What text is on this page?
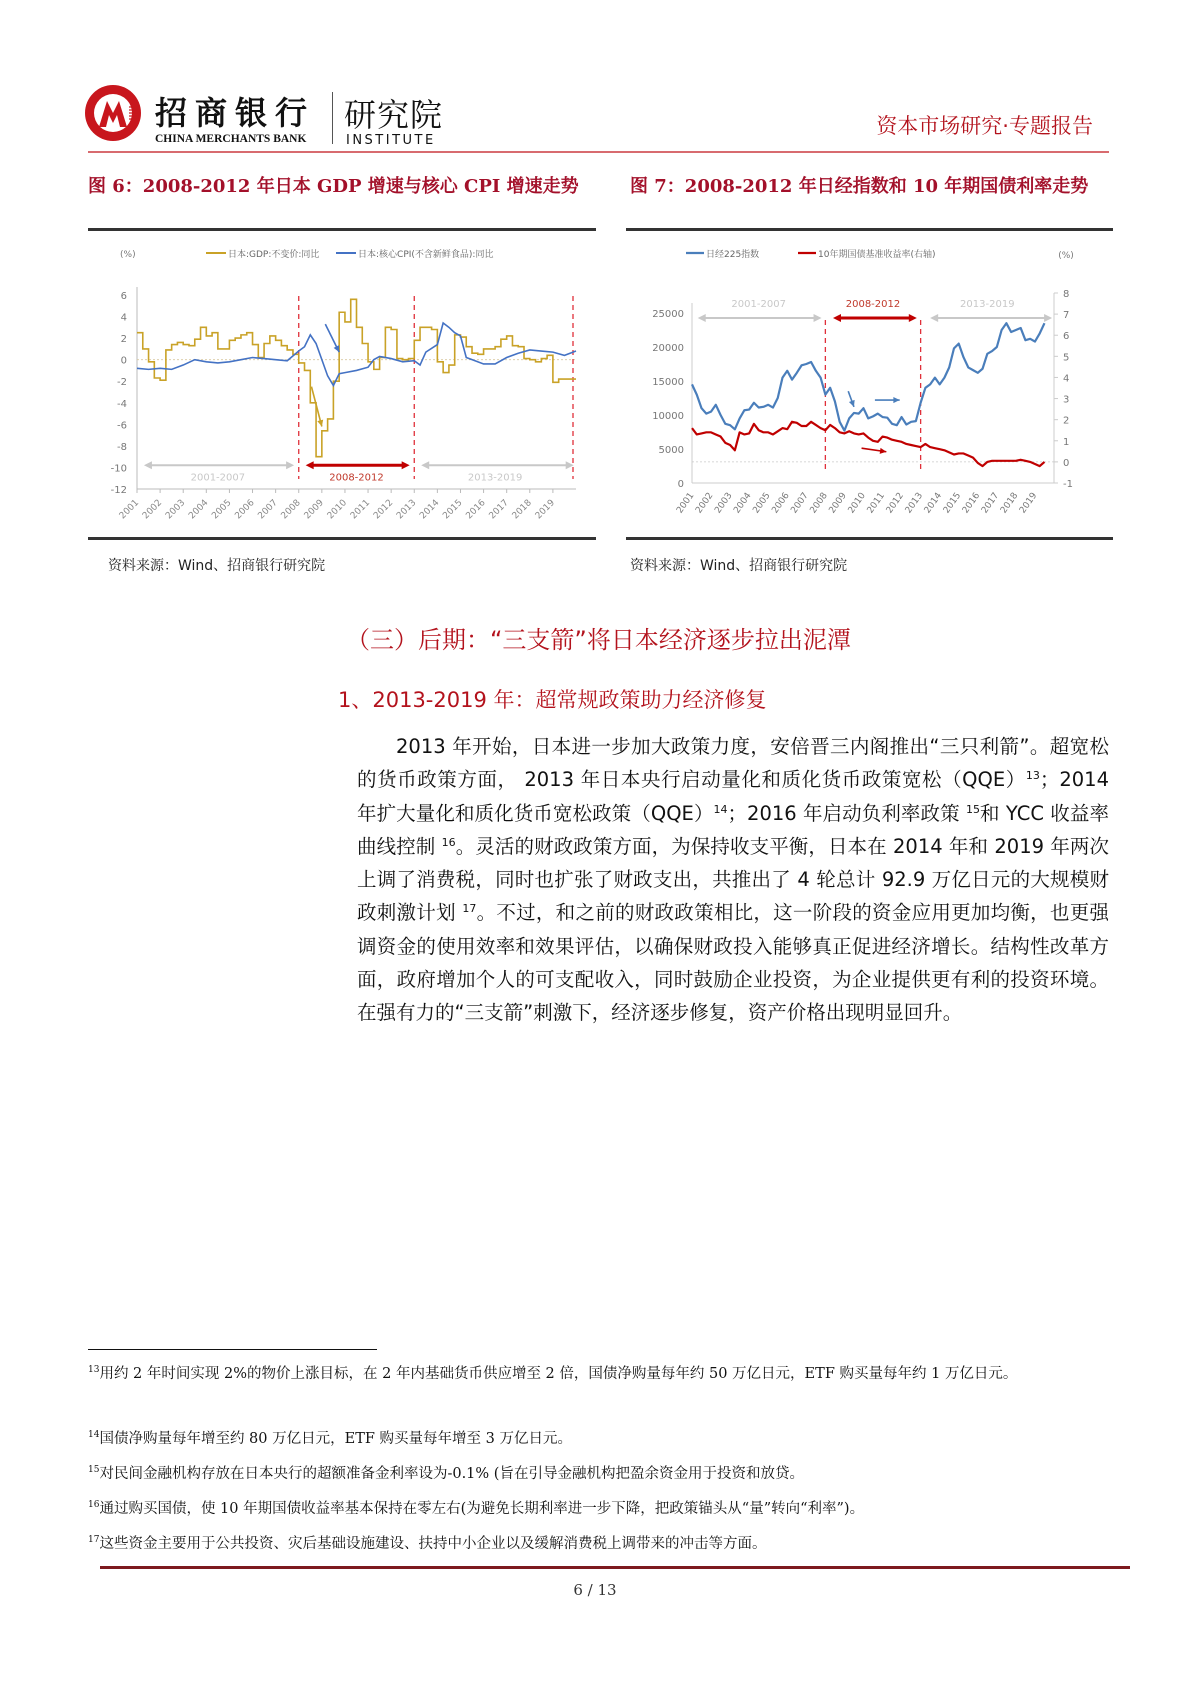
招商银行
CHINA MERCHANTS BANK
研究院
INSTITUTE
资本市场研究·专题报告
图 6：2008-2012 年日本 GDP 增速与核心 CPI 增速走势	图 7：2008-2012 年日经指数和 10 年期国债利率走势
(%)	日本:GDP:不变价:同比	日本:核心CPI(不含新鲜食品):同比
6
4
2
0
-2
-4
-6
-8
-10
-12
2001 2002 2003 2004 2005 2006 2007 2008 2009 2010 2011 2012 2013 2014 2015 2016 2017 2018 2019
2001-2007	2008-2012	2013-2019
日经225指数	10年期国债基准收益率(右轴)	(%)
25000
20000
15000
10000
5000
0
8
7
6
5
4
3
2
1
0
-1
2001
2002
2003
2004
2005
2006
2007
2008
2009
2010
2011
2012
2013
2014
2015
2016
2017
2018
2019
2001-2007	2008-2012	2013-2019
资料来源：Wind、招商银行研究院	资料来源：Wind、招商银行研究院
（三）后期：“三支箭”将日本经济逐步拉出泥潭
1、2013-2019 年：超常规政策助力经济修复
2013 年开始，日本进一步加大政策力度，安倍晋三内阁推出“三只利箭”。超宽松的货币政策方面， 2013 年日本央行启动量化和质化货币政策宽松（QQE）$^{13}$；2014 年扩大量化和质化货币宽松政策（QQE）$^{14}$；2016 年启动负利率政策 $^{15}$和 YCC 收益率曲线控制 $^{16}$。灵活的财政政策方面，为保持收支平衡，日本在 2014 年和 2019 年两次上调了消费税，同时也扩张了财政支出，共推出了 4 轮总计 92.9 万亿日元的大规模财政刺激计划 $^{17}$。不过，和之前的财政政策相比，这一阶段的资金应用更加均衡，也更强调资金的使用效率和效果评估，以确保财政投入能够真正促进经济增长。结构性改革方面，政府增加个人的可支配收入，同时鼓励企业投资，为企业提供更有利的投资环境。在强有力的“三支箭”刺激下，经济逐步修复，资产价格出现明显回升。
$^{13}$用约 2 年时间实现 2%的物价上涨目标，在 2 年内基础货币供应增至 2 倍，国债净购量每年约 50 万亿日元，ETF 购买量每年约 1 万亿日元。
$^{14}$国债净购量每年增至约 80 万亿日元，ETF 购买量每年增至 3 万亿日元。
$^{15}$对民间金融机构存放在日本央行的超额准备金利率设为-0.1% (旨在引导金融机构把盈余资金用于投资和放贷。
$^{16}$通过购买国债，使 10 年期国债收益率基本保持在零左右(为避免长期利率进一步下降，把政策锚头从“量”转向“利率”)。
$^{17}$这些资金主要用于公共投资、灾后基础设施建设、扶持中小企业以及缓解消费税上调带来的冲击等方面。
6 / 13
